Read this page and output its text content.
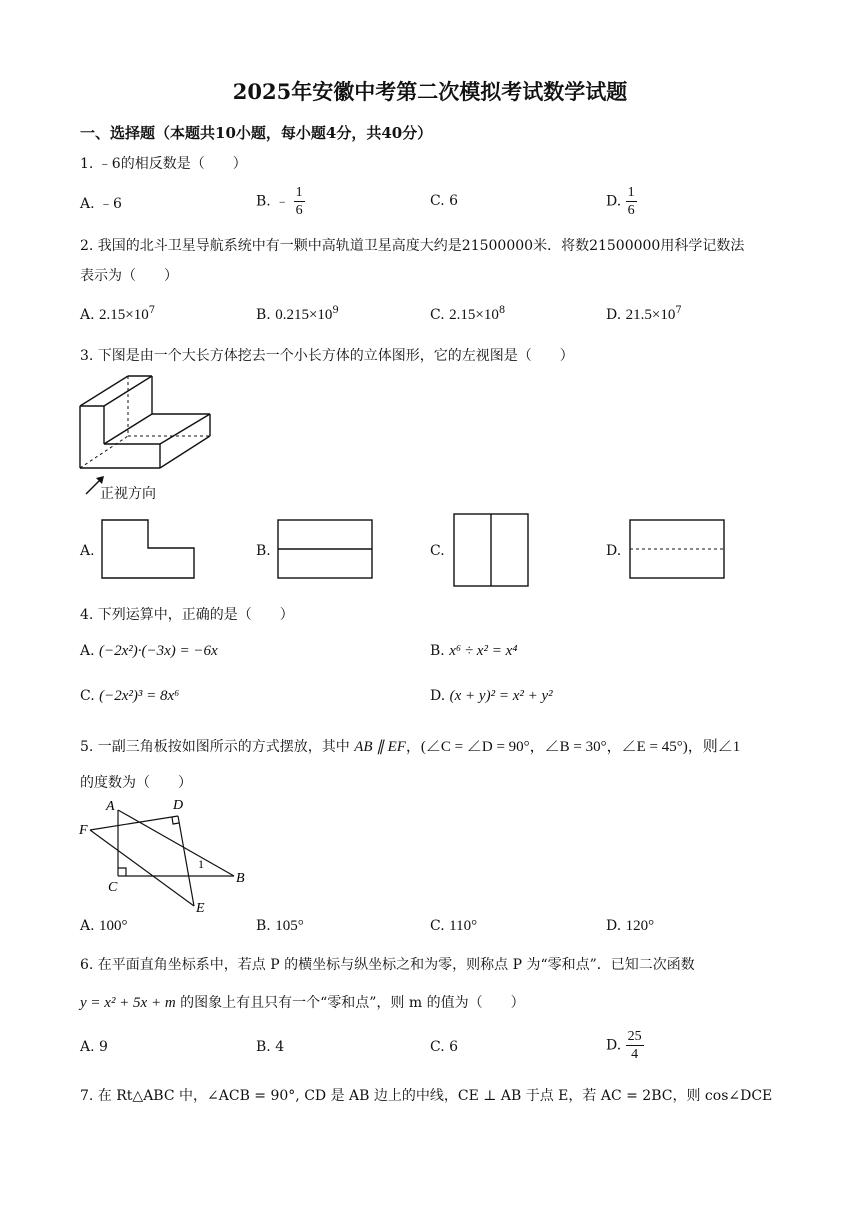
2025年安徽中考第二次模拟考试数学试题
一、选择题（本题共10小题，每小题4分，共40分）
1. ﹣6的相反数是（　　）
A. ﹣6	B. ﹣ $\frac{1}{6}$	C. 6	D. $\frac{1}{6}$
2. 我国的北斗卫星导航系统中有一颗中高轨道卫星高度大约是21500000米．将数21500000用科学记数法
表示为（　　）
A. $2.15\times 10^7$	B. $0.215\times 10^9$	C. $2.15\times 10^8$	D. $21.5\times 10^7$
3. 下图是由一个大长方体挖去一个小长方体的立体图形，它的左视图是（　　）
正视方向
A.	B.	C.	D.
4. 下列运算中，正确的是（　　）
A. (−2x²)·(−3x) = −6x	B. x⁶ ÷ x² = x⁴
C. (−2x²)³ = 8x⁶	D. (x + y)² = x² + y²
5. 一副三角板按如图所示的方式摆放，其中 AB ∥ EF，(∠C = ∠D = 90°，∠B = 30°，∠E = 45°)，则∠1
的度数为（　　）
A	D
F
C
B
E
1
A. 100°	B. 105°	C. 110°	D. 120°
6. 在平面直角坐标系中，若点 P 的横坐标与纵坐标之和为零，则称点 P 为“零和点”．已知二次函数
y = x² + 5x + m 的图象上有且只有一个“零和点”，则 m 的值为（　　）
A. 9	B. 4	C. 6	D. $\frac{25}{4}$
7. 在 Rt△ABC 中，∠ACB = 90°, CD 是 AB 边上的中线，CE ⊥ AB 于点 E，若 AC = 2BC，则 cos∠DCE
